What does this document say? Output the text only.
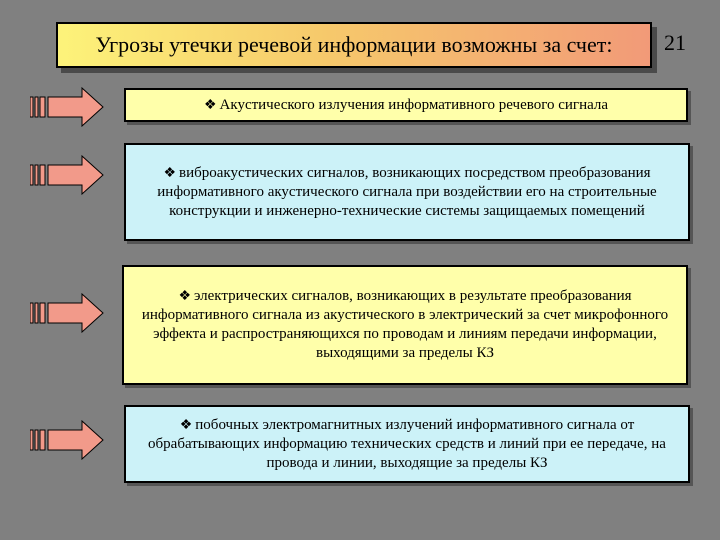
Угрозы утечки речевой информации возможны за счет:	21
❖ Акустического излучения информативного речевого сигнала
❖ виброакустических сигналов, возникающих посредством преобразования информативного акустического сигнала при воздействии его на строительные конструкции и инженерно-технические системы защищаемых помещений
❖ электрических сигналов, возникающих в результате преобразования информативного сигнала из акустического в электрический за счет микрофонного эффекта и распространяющихся по проводам и линиям передачи информации, выходящими за пределы КЗ
❖ побочных электромагнитных излучений информативного сигнала от обрабатывающих информацию технических средств и линий при ее передаче, на провода и линии, выходящие за пределы КЗ
